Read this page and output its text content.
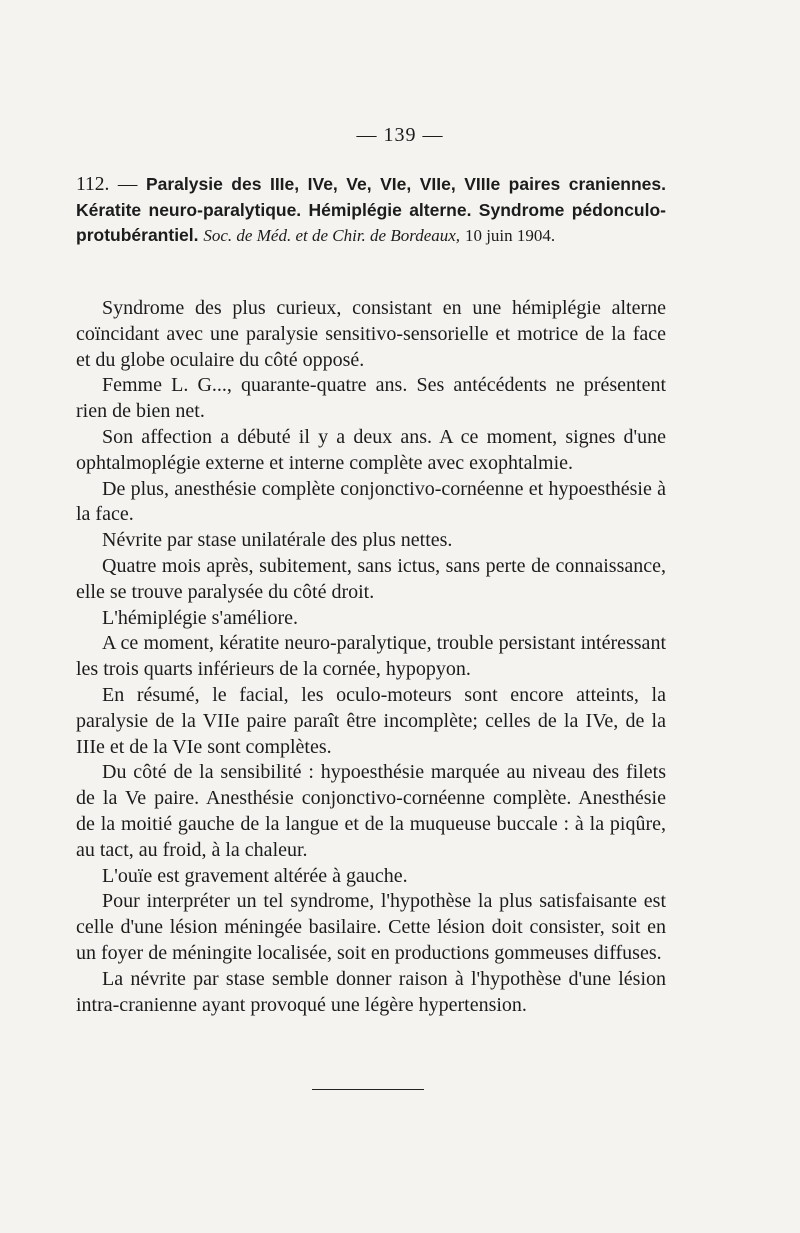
— 139 —
112. — Paralysie des IIIe, IVe, Ve, VIe, VIIe, VIIIe paires craniennes. Kératite neuro-paralytique. Hémiplégie alterne. Syndrome pédonculo-protubérantiel. Soc. de Méd. et de Chir. de Bordeaux, 10 juin 1904.

Syndrome des plus curieux, consistant en une hémiplégie alterne coïncidant avec une paralysie sensitivo-sensorielle et motrice de la face et du globe oculaire du côté opposé.

Femme L. G..., quarante-quatre ans. Ses antécédents ne présentent rien de bien net.

Son affection a débuté il y a deux ans. A ce moment, signes d'une ophtalmoplégie externe et interne complète avec exophtalmie.

De plus, anesthésie complète conjonctivo-cornéenne et hypoesthésie à la face.

Névrite par stase unilatérale des plus nettes.

Quatre mois après, subitement, sans ictus, sans perte de connaissance, elle se trouve paralysée du côté droit.

L'hémiplégie s'améliore.

A ce moment, kératite neuro-paralytique, trouble persistant intéressant les trois quarts inférieurs de la cornée, hypopyon.

En résumé, le facial, les oculo-moteurs sont encore atteints, la paralysie de la VIIe paire paraît être incomplète; celles de la IVe, de la IIIe et de la VIe sont complètes.

Du côté de la sensibilité : hypoesthésie marquée au niveau des filets de la Ve paire. Anesthésie conjonctivo-cornéenne complète. Anesthésie de la moitié gauche de la langue et de la muqueuse buccale : à la piqûre, au tact, au froid, à la chaleur.

L'ouïe est gravement altérée à gauche.

Pour interpréter un tel syndrome, l'hypothèse la plus satisfaisante est celle d'une lésion méningée basilaire. Cette lésion doit consister, soit en un foyer de méningite localisée, soit en productions gommeuses diffuses.

La névrite par stase semble donner raison à l'hypothèse d'une lésion intra-cranienne ayant provoqué une légère hypertension.
